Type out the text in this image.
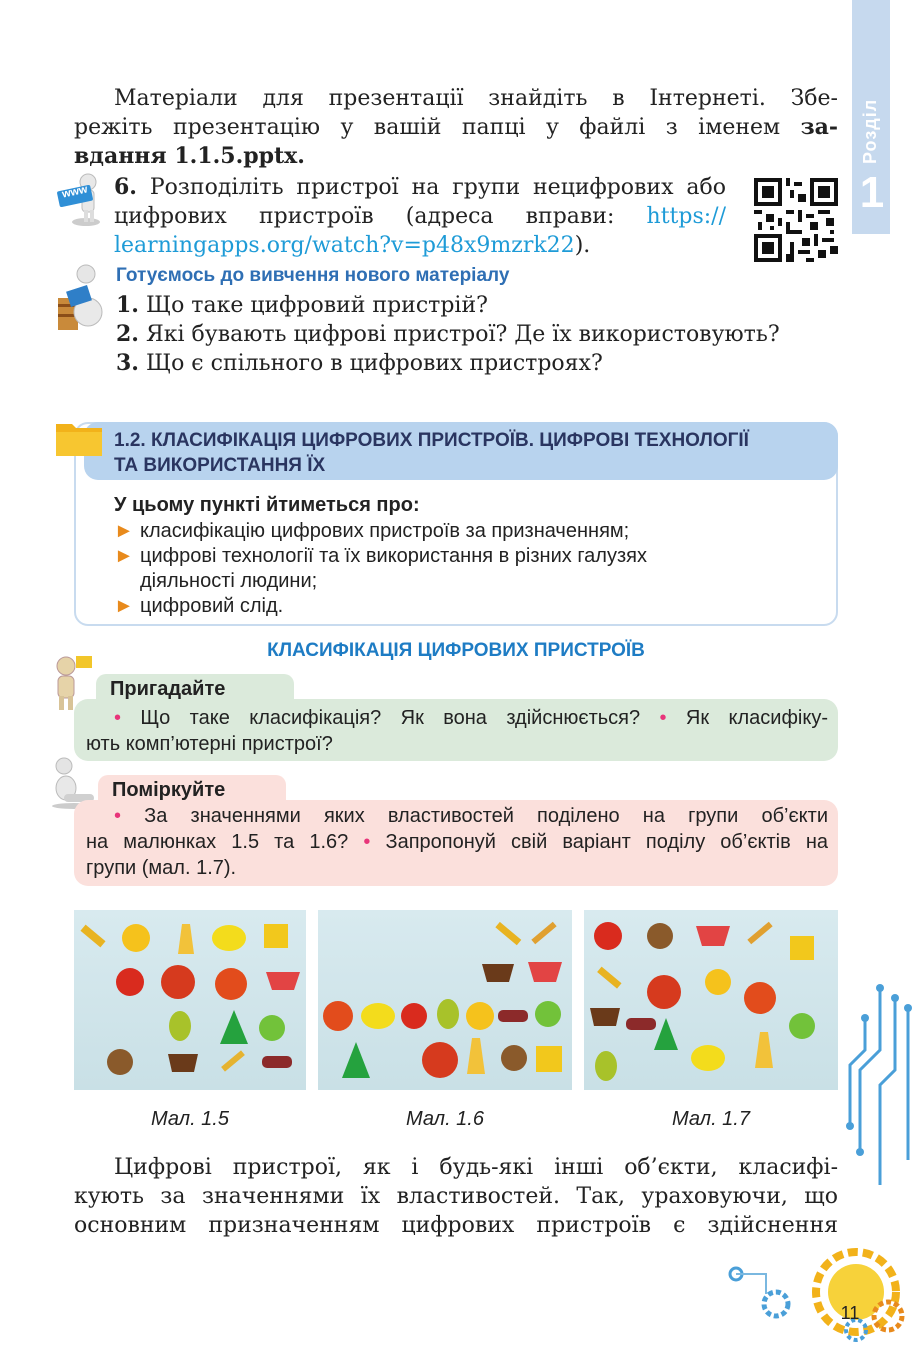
Розділ
1
Матеріали для презентації знайдіть в Інтернеті. Збе-
режіть презентацію у вашій папці у файлі з іменем за-
вдання 1.1.5.pptx.
www 6. Розподіліть пристрої на групи нецифрових або
цифрових пристроїв (адреса вправи: https://
learningapps.org/watch?v=p48x9mzrk22).
Готуємось до вивчення нового матеріалу
1. Що таке цифровий пристрій?
2. Які бувають цифрові пристрої? Де їх використовують?
3. Що є спільного в цифрових пристроях?
1.2. КЛАСИФІКАЦІЯ ЦИФРОВИХ ПРИСТРОЇВ. ЦИФРОВІ ТЕХНОЛОГІЇ
ТА ВИКОРИСТАННЯ ЇХ
У цьому пункті йтиметься про:
► класифікацію цифрових пристроїв за призначенням;
► цифрові технології та їх використання в різних галузях
діяльності людини;
► цифровий слід.
КЛАСИФІКАЦІЯ ЦИФРОВИХ ПРИСТРОЇВ
Пригадайте
• Що таке класифікація? Як вона здійснюється? • Як класифіку-
ють комп’ютерні пристрої?
Поміркуйте
• За значеннями яких властивостей поділено на групи об’єкти
на малюнках 1.5 та 1.6? • Запропонуй свій варіант поділу об’єктів на
групи (мал. 1.7).
Мал. 1.5	Мал. 1.6	Мал. 1.7
Цифрові пристрої, як і будь-які інші об’єкти, класифі-
кують за значеннями їх властивостей. Так, ураховуючи, що
основним призначенням цифрових пристроїв є здійснення
11
